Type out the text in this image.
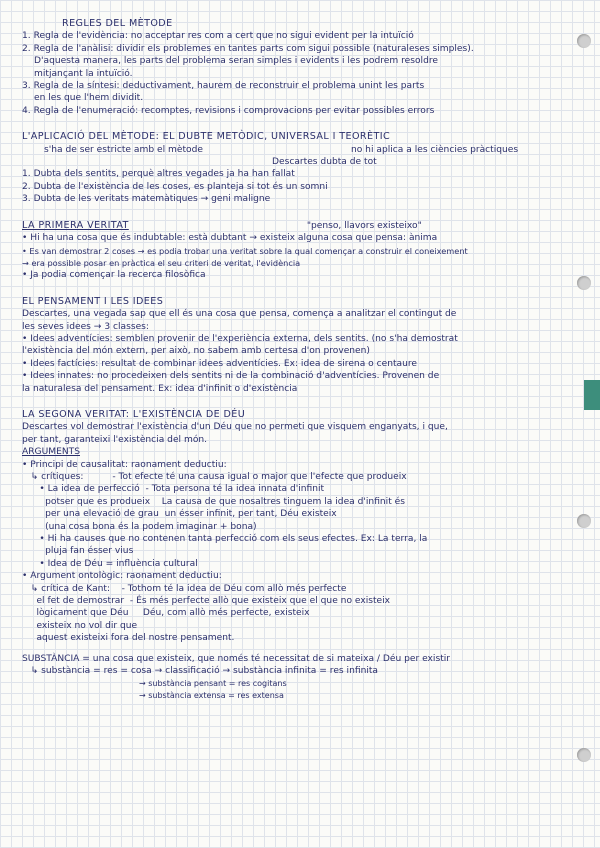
REGLES DEL MÈTODE
1. Regla de l'evidència: no acceptar res com a cert que no sigui evident per la intuïció
2. Regla de l'anàlisi: dividir els problemes en tantes parts com sigui possible (naturaleses simples).
D'aquesta manera, les parts del problema seran simples i evidents i les podrem resoldre
mitjançant la intuïció.
3. Regla de la síntesi: deductivament, haurem de reconstruir el problema unint les parts
en les que l'hem dividit.
4. Regla de l'enumeració: recomptes, revisions i comprovacions per evitar possibles errors
L'APLICACIÓ DEL MÈTODE: EL DUBTE METÒDIC, UNIVERSAL I TEORÈTIC
s'ha de ser estricte amb el mètode	no hi aplica a les ciències pràctiques
Descartes dubta de tot
1. Dubta dels sentits, perquè altres vegades ja ha han fallat
2. Dubta de l'existència de les coses, es planteja si tot és un somni
3. Dubta de les veritats matemàtiques → geni maligne
LA PRIMERA VERITAT	"penso, llavors existeixo"
• Hi ha una cosa que és indubtable: està dubtant → existeix alguna cosa que pensa: ànima
• Es van demostrar 2 coses → es podia trobar una veritat sobre la qual començar a construir el coneixement
→ era possible posar en pràctica el seu criteri de veritat, l'evidència
• Ja podia començar la recerca filosòfica
EL PENSAMENT I LES IDEES
Descartes, una vegada sap que ell és una cosa que pensa, comença a analitzar el contingut de
les seves idees → 3 classes:
• Idees adventícies: semblen provenir de l'experiència externa, dels sentits. (no s'ha demostrat
l'existència del món extern, per això, no sabem amb certesa d'on provenen)
• Idees factícies: resultat de combinar idees adventícies. Ex: idea de sirena o centaure
• Idees innates: no procedeixen dels sentits ni de la combinació d'adventícies. Provenen de
la naturalesa del pensament. Ex: idea d'infinit o d'existència
LA SEGONA VERITAT: L'EXISTÈNCIA DE DÉU
Descartes vol demostrar l'existència d'un Déu que no permeti que visquem enganyats, i que,
per tant, garanteixi l'existència del món.
ARGUMENTS
• Principi de causalitat: raonament deductiu:
↳ crítiques:          - Tot efecte té una causa igual o major que l'efecte que produeix
• La idea de perfecció  - Tota persona té la idea innata d'infinit
potser que es produeix    La causa de que nosaltres tinguem la idea d'infinit és
per una elevació de grau  un ésser infinit, per tant, Déu existeix
(una cosa bona és la podem imaginar + bona)
• Hi ha causes que no contenen tanta perfecció com els seus efectes. Ex: La terra, la
pluja fan ésser vius
• Idea de Déu = influència cultural
• Argument ontològic: raonament deductiu:
↳ crítica de Kant:    - Tothom té la idea de Déu com allò més perfecte
el fet de demostrar  - És més perfecte allò que existeix que el que no existeix
lògicament que Déu     Déu, com allò més perfecte, existeix
existeix no vol dir que
aquest existeixi fora del nostre pensament.
SUBSTÀNCIA = una cosa que existeix, que només té necessitat de si mateixa / Déu per existir
↳ substància = res = cosa → classificació → substància infinita = res infinita
→ substància pensant = res cogitans
→ substància extensa = res extensa
